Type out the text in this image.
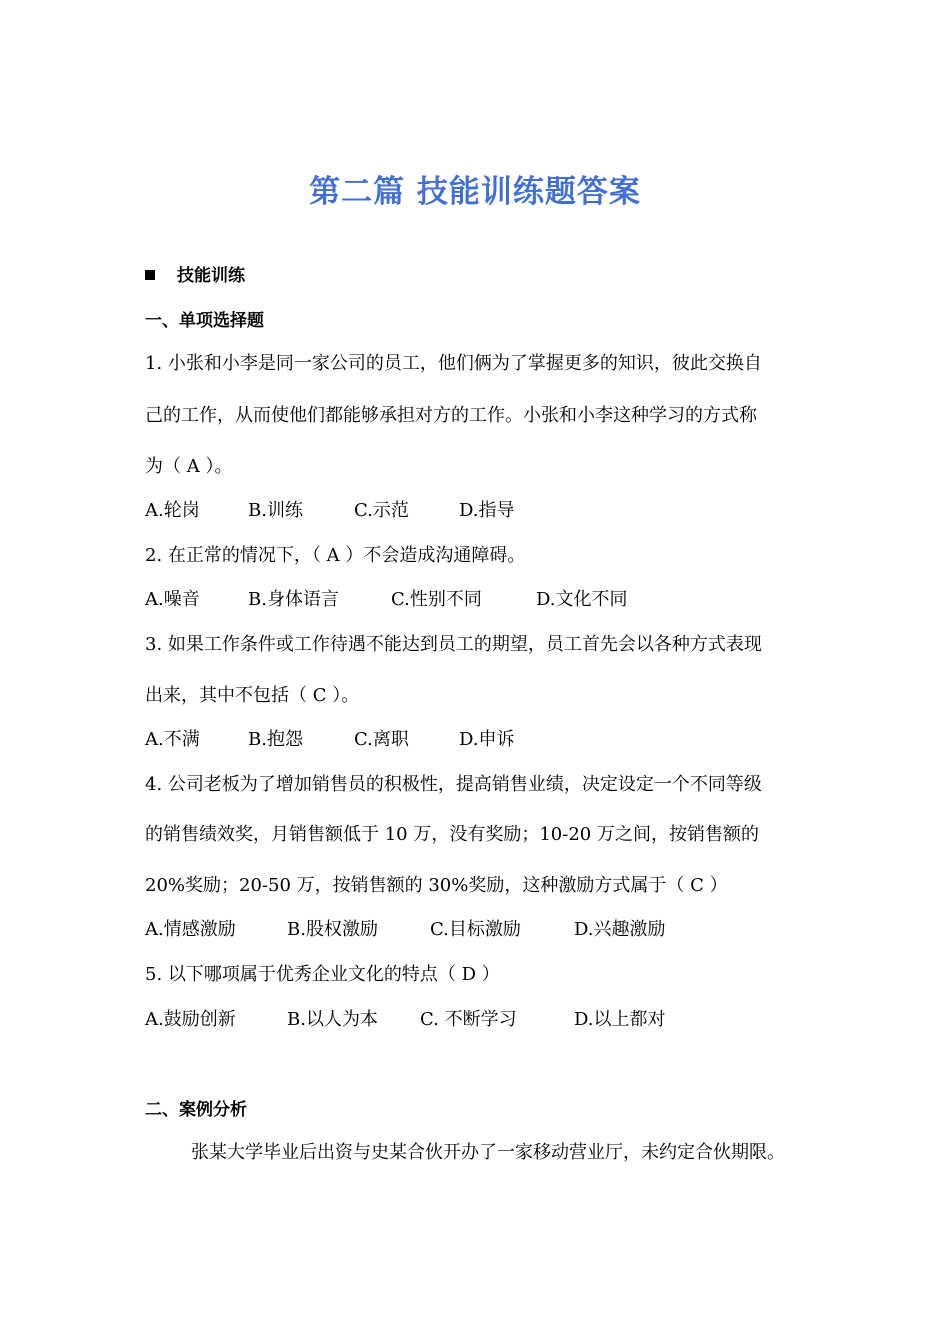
第二篇 技能训练题答案
技能训练
一、单项选择题
1. 小张和小李是同一家公司的员工，他们俩为了掌握更多的知识，彼此交换自
己的工作，从而使他们都能够承担对方的工作。小张和小李这种学习的方式称
为（ A ）。
A.轮岗	B.训练	C.示范	D.指导
2. 在正常的情况下，（ A ）不会造成沟通障碍。
A.噪音	B.身体语言	C.性别不同	D.文化不同
3. 如果工作条件或工作待遇不能达到员工的期望，员工首先会以各种方式表现
出来，其中不包括（ C ）。
A.不满	B.抱怨	C.离职	D.申诉
4. 公司老板为了增加销售员的积极性，提高销售业绩，决定设定一个不同等级
的销售绩效奖，月销售额低于 10 万，没有奖励；10-20 万之间，按销售额的
20%奖励；20-50 万，按销售额的 30%奖励，这种激励方式属于（ C ）
A.情感激励	B.股权激励	C.目标激励	D.兴趣激励
5. 以下哪项属于优秀企业文化的特点（ D ）
A.鼓励创新	B.以人为本 C. 不断学习	D.以上都对
二、案例分析
张某大学毕业后出资与史某合伙开办了一家移动营业厅，未约定合伙期限。
